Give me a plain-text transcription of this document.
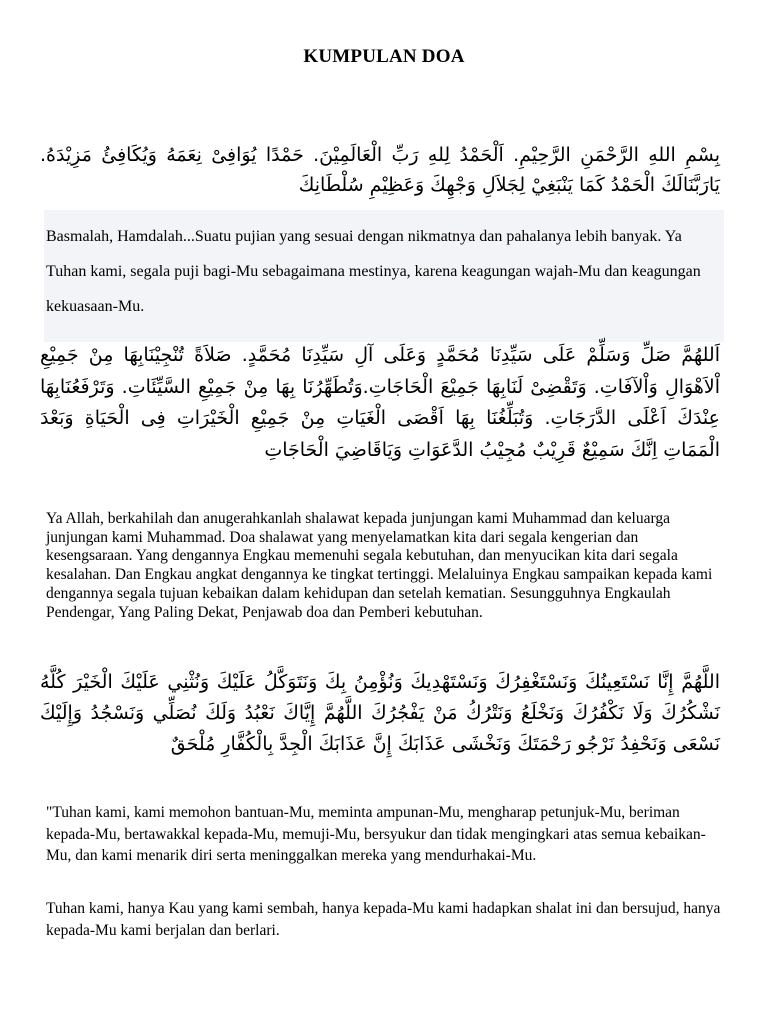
KUMPULAN DOA
بِسْمِ اللهِ الرَّحْمَنِ الرَّحِيْمِ. اَلْحَمْدُ لِلهِ رَبِّ الْعَالَمِيْنَ. حَمْدًا يُوَافِىْ نِعَمَهُ وَيُكَافِئُ مَزِيْدَهُ. يَارَبَّنَالَكَ الْحَمْدُ كَمَا يَنْبَغِيْ لِجَلاَلِ وَجْهِكَ وَعَظِيْمِ سُلْطَانِكَ
Basmalah, Hamdalah...Suatu pujian yang sesuai dengan nikmatnya dan pahalanya lebih banyak. Ya Tuhan kami, segala puji bagi-Mu sebagaimana mestinya, karena keagungan wajah-Mu dan keagungan kekuasaan-Mu.
اَللهُمَّ صَلِّ وَسَلِّمْ عَلَى سَيِّدِنَا مُحَمَّدٍ وَعَلَى آلِ سَيِّدِنَا مُحَمَّدٍ. صَلاَةً تُنْجِيْنَابِهَا مِنْ جَمِيْعِ اْلاَهْوَالِ وَاْلآفَاتِ. وَتَقْضِىْ لَنَابِهَا جَمِيْعَ الْحَاجَاتِ.وَتُطَهِّرُنَا بِهَا مِنْ جَمِيْعِ السَّيِّئَاتِ. وَتَرْفَعُنَابِهَا عِنْدَكَ اَعْلَى الدَّرَجَاتِ. وَتُبَلِّغُنَا بِهَا اَقْصَى الْغَيَاتِ مِنْ جَمِيْعِ الْخَيْرَاتِ فِى الْحَيَاةِ وَبَعْدَ الْمَمَاتِ اِنَّكَ سَمِيْعٌ قَرِيْبٌ مُجِيْبُ الدَّعَوَاتِ وَيَاقَاضِيَ الْحَاجَاتِ
Ya Allah, berkahilah dan anugerahkanlah shalawat kepada junjungan kami Muhammad dan keluarga junjungan kami Muhammad. Doa shalawat yang menyelamatkan kita dari segala kengerian dan kesengsaraan. Yang dengannya Engkau memenuhi segala kebutuhan, dan menyucikan kita dari segala kesalahan. Dan Engkau angkat dengannya ke tingkat tertinggi. Melaluinya Engkau sampaikan kepada kami dengannya segala tujuan kebaikan dalam kehidupan dan setelah kematian. Sesungguhnya Engkaulah Pendengar, Yang Paling Dekat, Penjawab doa dan Pemberi kebutuhan.
اللَّهُمَّ إِنَّا نَسْتَعِينُكَ وَنَسْتَغْفِرُكَ وَنَسْتَهْدِيكَ وَنُؤْمِنُ بِكَ وَنَتَوَكَّلُ عَلَيْكَ وَنُثْنِي عَلَيْكَ الْخَيْرَ كُلَّهُ نَشْكُرُكَ وَلَا نَكْفُرُكَ وَنَخْلَعُ وَنَتْرُكُ مَنْ يَفْجُرُكَ اللَّهُمَّ إِيَّاكَ نَعْبُدُ وَلَكَ نُصَلِّي وَنَسْجُدُ وَإِلَيْكَ نَسْعَى وَنَحْفِدُ نَرْجُو رَحْمَتَكَ وَنَخْشَى عَذَابَكَ إِنَّ عَذَابَكَ الْجِدَّ بِالْكُفَّارِ مُلْحَقٌ
"Tuhan kami, kami memohon bantuan-Mu, meminta ampunan-Mu, mengharap petunjuk-Mu, beriman kepada-Mu, bertawakkal kepada-Mu, memuji-Mu, bersyukur dan tidak mengingkari atas semua kebaikan-Mu, dan kami menarik diri serta meninggalkan mereka yang mendurhakai-Mu.
Tuhan kami, hanya Kau yang kami sembah, hanya kepada-Mu kami hadapkan shalat ini dan bersujud, hanya kepada-Mu kami berjalan dan berlari.
